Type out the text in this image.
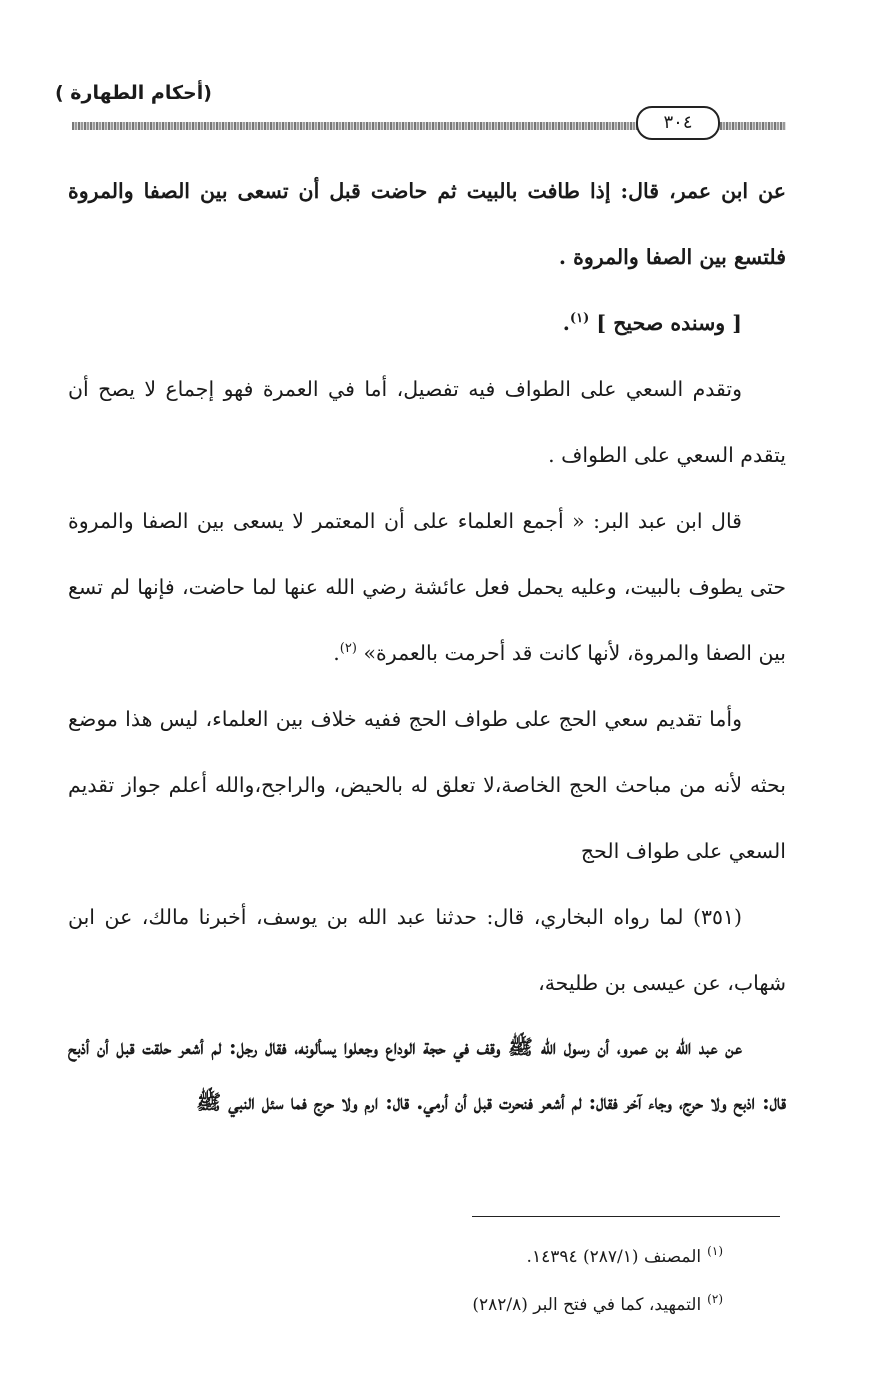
(أحكام الطهارة )
٣٠٤

عن ابن عمر، قال: إذا طافت بالبيت ثم حاضت قبل أن تسعى بين الصفا والمروة فلتسع بين الصفا والمروة .
[ وسنده صحيح ] $^{(١)}$.

وتقدم السعي على الطواف فيه تفصيل، أما في العمرة فهو إجماع لا يصح أن يتقدم السعي على الطواف .

قال ابن عبد البر: « أجمع العلماء على أن المعتمر لا يسعى بين الصفا والمروة حتى يطوف بالبيت، وعليه يحمل فعل عائشة رضي الله عنها لما حاضت، فإنها لم تسع بين الصفا والمروة، لأنها كانت قد أحرمت بالعمرة» $^{(٢)}$.

وأما تقديم سعي الحج على طواف الحج ففيه خلاف بين العلماء، ليس هذا موضع بحثه لأنه من مباحث الحج الخاصة،لا تعلق له بالحيض، والراجح،والله أعلم جواز تقديم السعي على طواف الحج

(٣٥١) لما رواه البخاري، قال: حدثنا عبد الله بن يوسف، أخبرنا مالك، عن ابن شهاب، عن عيسى بن طليحة،

عن عبد الله بن عمرو، أن رسول الله ﷺ وقف في حجة الوداع وجعلوا يسألونه، فقال رجل: لم أشعر حلقت قبل أن أذبح قال: اذبح ولا حرج، وجاء آخر فقال: لم أشعر فنحرت قبل أن أرمي. قال: ارم ولا حرج فما سئل النبي ﷺ

$^{(١)}$المصنف (٢٨٧/١) ١٤٣٩٤.
$^{(٢)}$التمهيد، كما في فتح البر (٢٨٢/٨)
